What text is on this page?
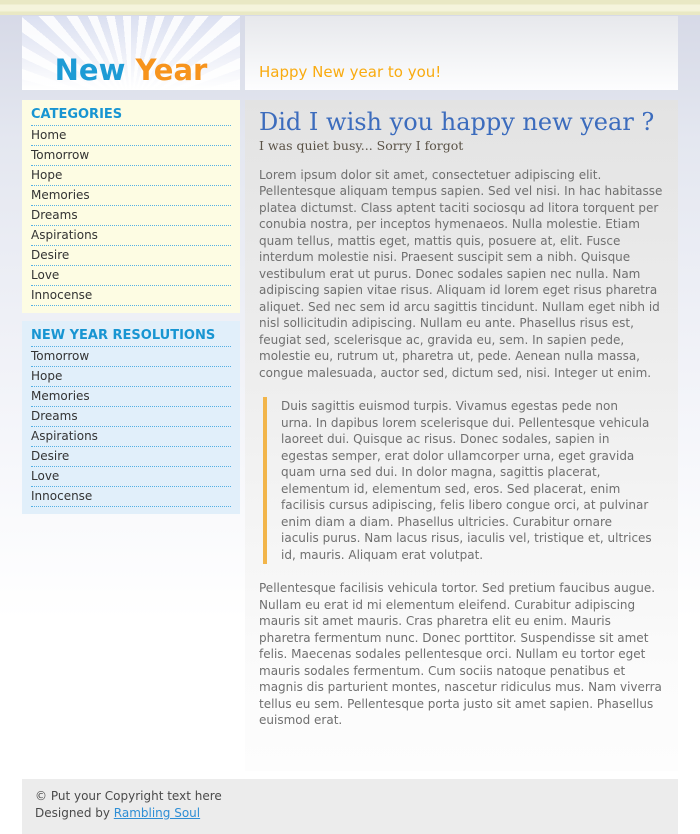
New Year	Happy New year to you!
CATEGORIES
Home
Tomorrow
Hope
Memories
Dreams
Aspirations
Desire
Love
Innocense
NEW YEAR RESOLUTIONS
Tomorrow
Hope
Memories
Dreams
Aspirations
Desire
Love
Innocense
Did I wish you happy new year ?
I was quiet busy... Sorry I forgot

Lorem ipsum dolor sit amet, consectetuer adipiscing elit. Pellentesque aliquam tempus sapien. Sed vel nisi. In hac habitasse platea dictumst. Class aptent taciti sociosqu ad litora torquent per conubia nostra, per inceptos hymenaeos. Nulla molestie. Etiam quam tellus, mattis eget, mattis quis, posuere at, elit. Fusce interdum molestie nisi. Praesent suscipit sem a nibh. Quisque vestibulum erat ut purus. Donec sodales sapien nec nulla. Nam adipiscing sapien vitae risus. Aliquam id lorem eget risus pharetra aliquet. Sed nec sem id arcu sagittis tincidunt. Nullam eget nibh id nisl sollicitudin adipiscing. Nullam eu ante. Phasellus risus est, feugiat sed, scelerisque ac, gravida eu, sem. In sapien pede, molestie eu, rutrum ut, pharetra ut, pede. Aenean nulla massa, congue malesuada, auctor sed, dictum sed, nisi. Integer ut enim.

Duis sagittis euismod turpis. Vivamus egestas pede non urna. In dapibus lorem scelerisque dui. Pellentesque vehicula laoreet dui. Quisque ac risus. Donec sodales, sapien in egestas semper, erat dolor ullamcorper urna, eget gravida quam urna sed dui. In dolor magna, sagittis placerat, elementum id, elementum sed, eros. Sed placerat, enim facilisis cursus adipiscing, felis libero congue orci, at pulvinar enim diam a diam. Phasellus ultricies. Curabitur ornare iaculis purus. Nam lacus risus, iaculis vel, tristique et, ultrices id, mauris. Aliquam erat volutpat.

Pellentesque facilisis vehicula tortor. Sed pretium faucibus augue. Nullam eu erat id mi elementum eleifend. Curabitur adipiscing mauris sit amet mauris. Cras pharetra elit eu enim. Mauris pharetra fermentum nunc. Donec porttitor. Suspendisse sit amet felis. Maecenas sodales pellentesque orci. Nullam eu tortor eget mauris sodales fermentum. Cum sociis natoque penatibus et magnis dis parturient montes, nascetur ridiculus mus. Nam viverra tellus eu sem. Pellentesque porta justo sit amet sapien. Phasellus euismod erat.

© Put your Copyright text here
Designed by Rambling Soul
